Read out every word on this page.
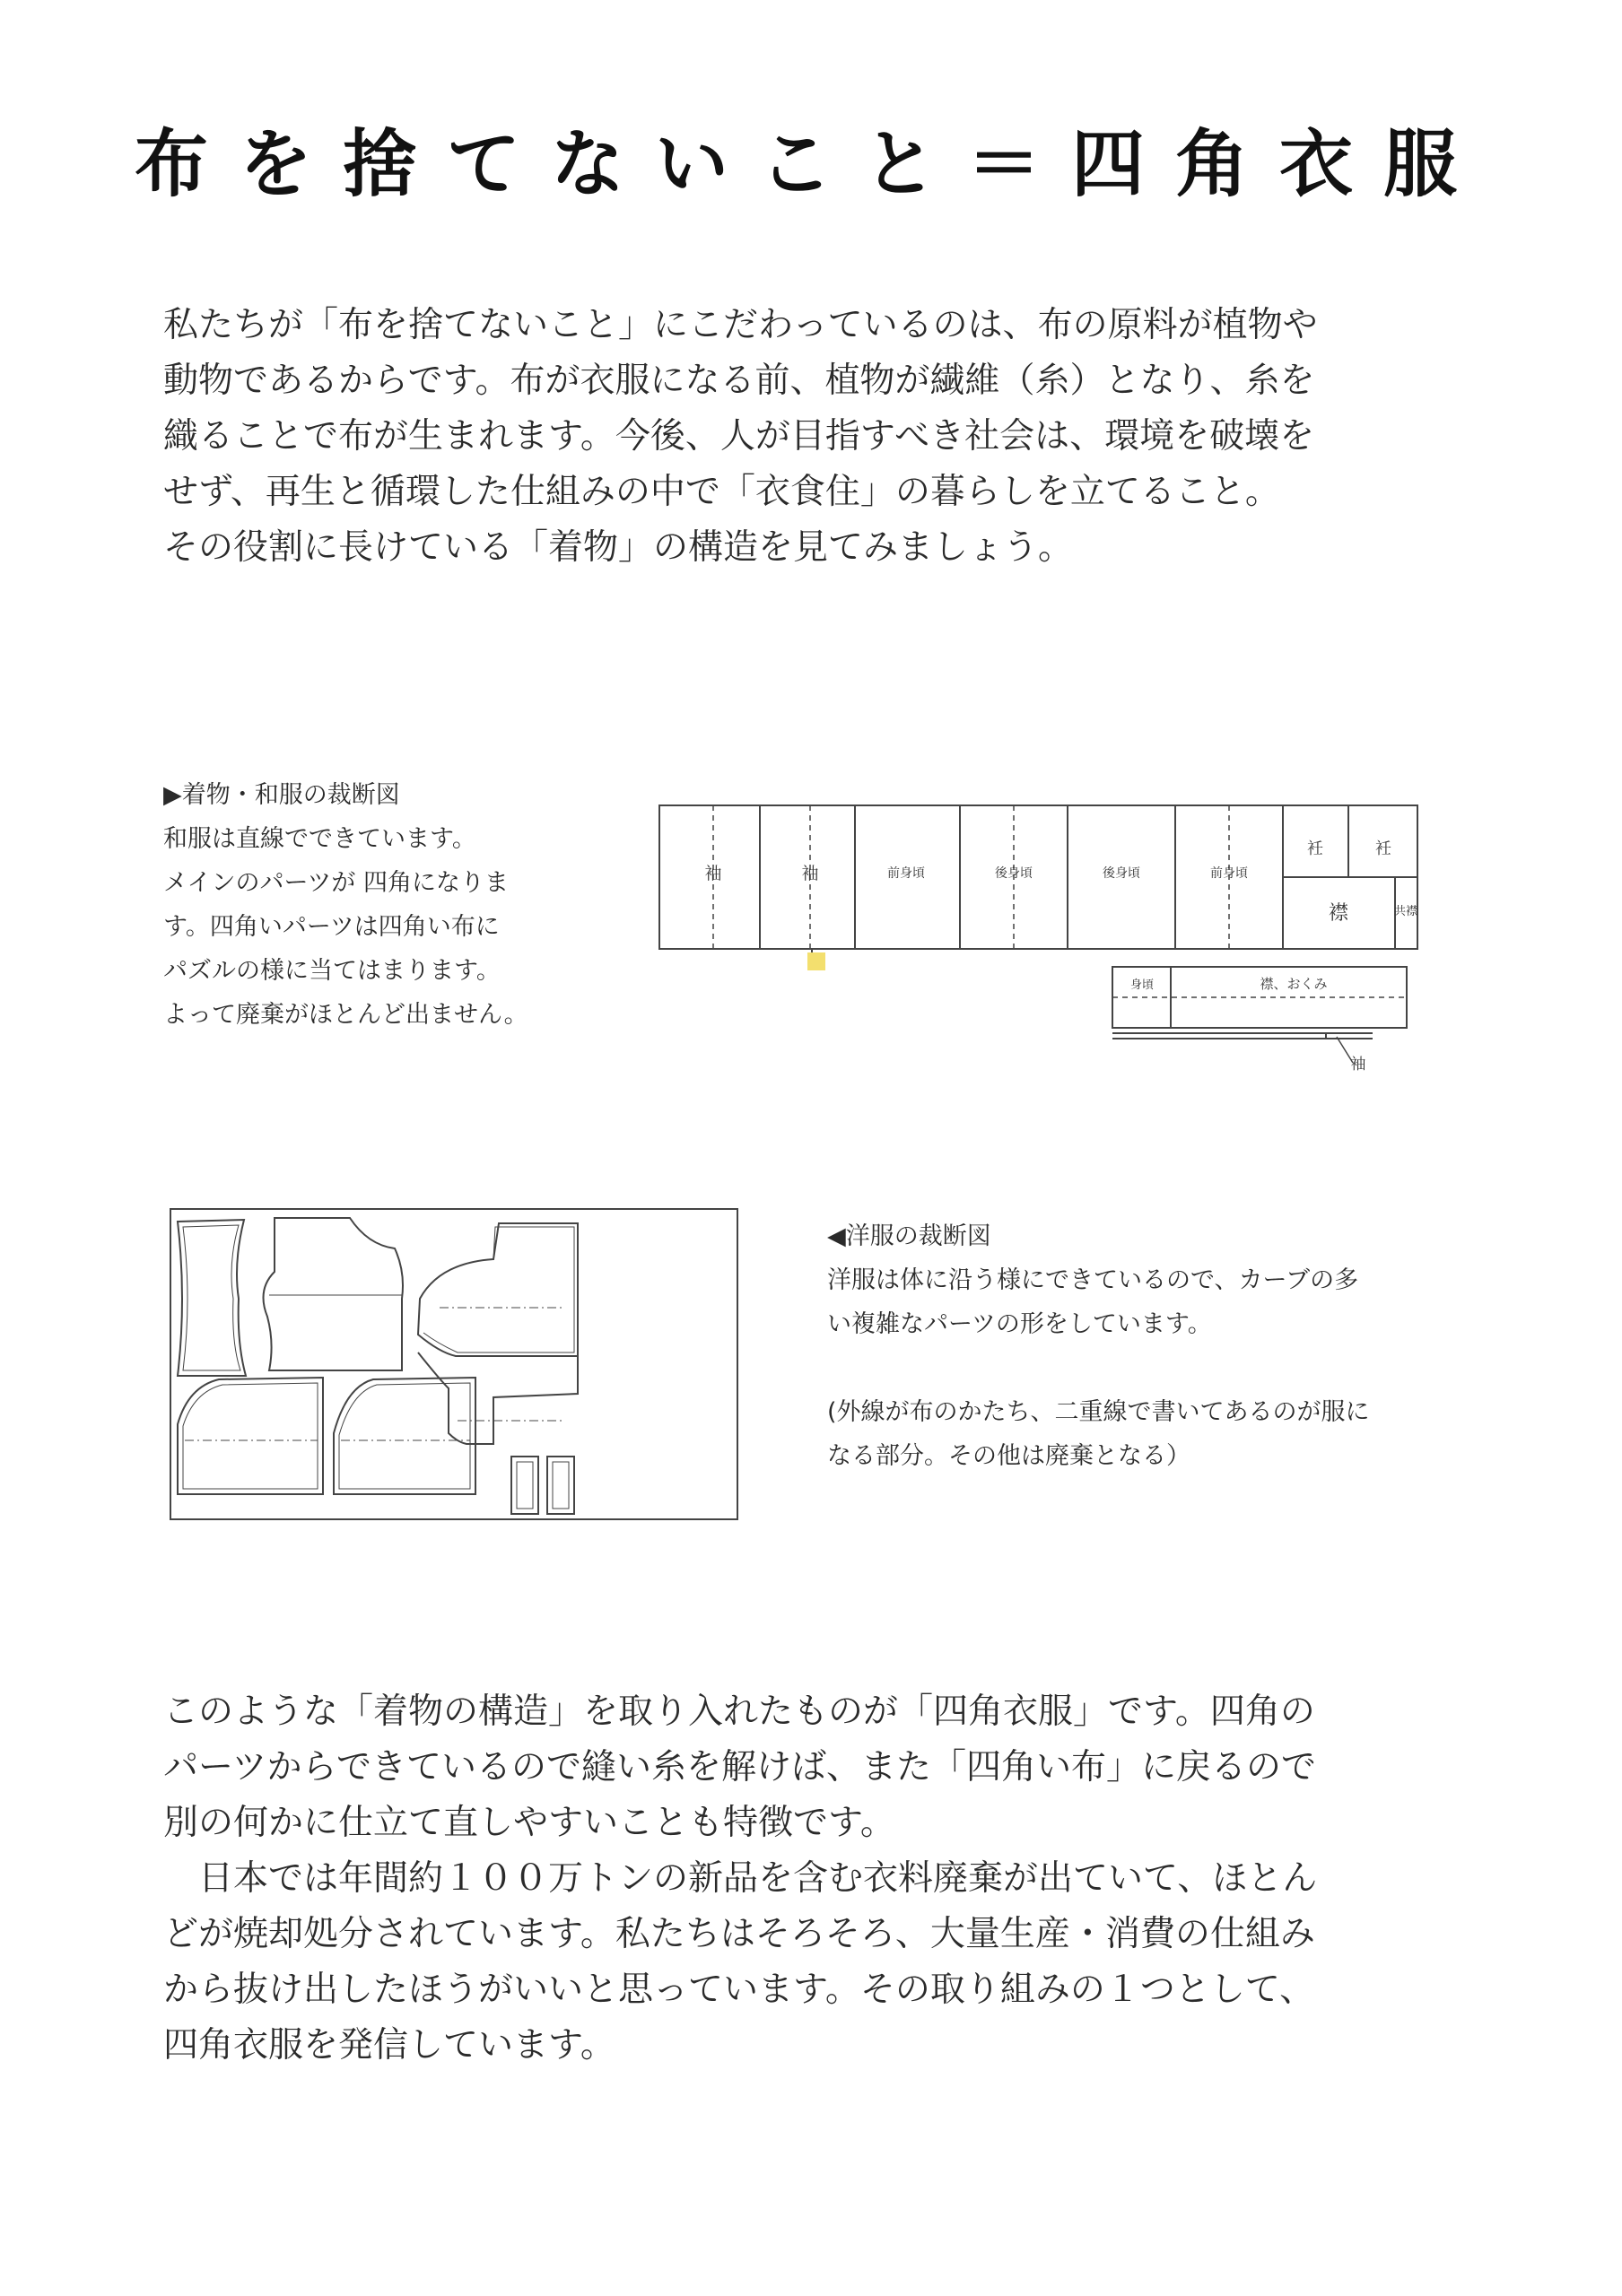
布を捨てないこと＝四角衣服

私たちが「布を捨てないこと」にこだわっているのは、布の原料が植物や

動物であるからです。布が衣服になる前、植物が繊維（糸）となり、糸を

織ることで布が生まれます。今後、人が目指すべき社会は、環境を破壊を

せず、再生と循環した仕組みの中で「衣食住」の暮らしを立てること。

その役割に長けている「着物」の構造を見てみましょう。

▶着物・和服の裁断図
和服は直線でできています。
メインのパーツが 四角になりま
す。四角いパーツは四角い布に
パズルの様に当てはまります。
よって廃棄がほとんど出ません。
袖	袖	前身頃	後身頃	後身頃	前身頃
衽	衽
襟	共襟
身頃	襟、おくみ
袖
◀洋服の裁断図
洋服は体に沿う様にできているので、カーブの多
い複雑なパーツの形をしています。
(外線が布のかたち、二重線で書いてあるのが服に
なる部分。その他は廃棄となる）

このような「着物の構造」を取り入れたものが「四角衣服」です。四角の

パーツからできているので縫い糸を解けば、また「四角い布」に戻るので

別の何かに仕立て直しやすいことも特徴です。

　日本では年間約１００万トンの新品を含む衣料廃棄が出ていて、ほとん

どが焼却処分されています。私たちはそろそろ、大量生産・消費の仕組み

から抜け出したほうがいいと思っています。その取り組みの１つとして、

四角衣服を発信しています。
